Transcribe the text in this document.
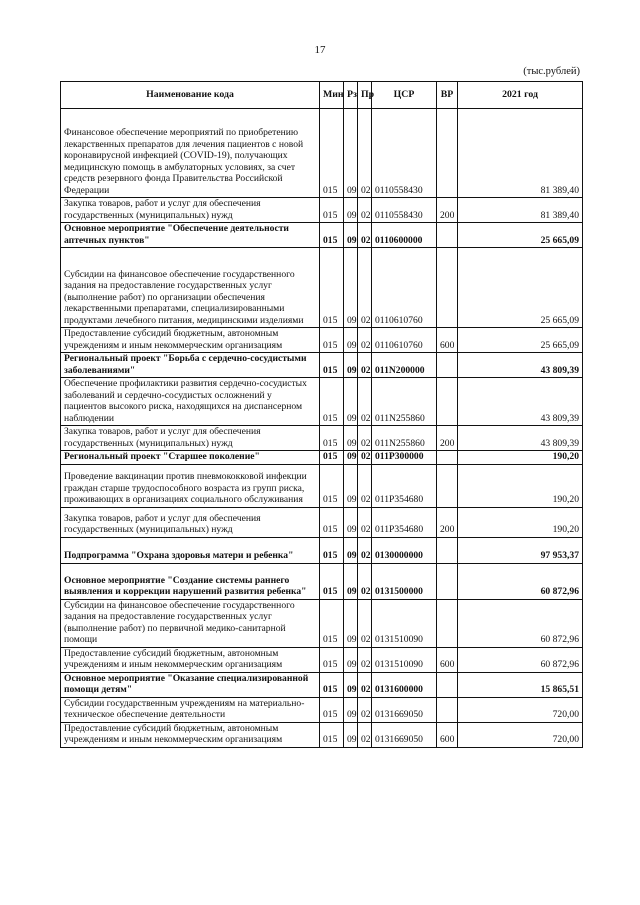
17
(тыс.рублей)
Наименование кода	Мин	Рз	Пр	ЦСР	ВР	2021 год
Финансовое обеспечение мероприятий по приобретению лекарственных препаратов для лечения пациентов с новой коронавирусной инфекцией (COVID-19), получающих медицинскую помощь в амбулаторных условиях, за счет средств резервного фонда Правительства Российской Федерации	015	09	02	0110558430		81 389,40
Закупка товаров, работ и услуг для обеспечения государственных (муниципальных) нужд	015	09	02	0110558430	200	81 389,40
Основное мероприятие "Обеспечение деятельности аптечных пунктов"	015	09	02	0110600000		25 665,09
Субсидии на финансовое обеспечение государственного задания на предоставление государственных услуг (выполнение работ) по организации обеспечения лекарственными препаратами, специализированными продуктами лечебного питания, медицинскими изделиями	015	09	02	0110610760		25 665,09
Предоставление субсидий бюджетным, автономным учреждениям и иным некоммерческим организациям	015	09	02	0110610760	600	25 665,09
Региональный проект "Борьба с сердечно-сосудистыми заболеваниями"	015	09	02	011N200000		43 809,39
Обеспечение профилактики развития сердечно-сосудистых заболеваний и сердечно-сосудистых осложнений у пациентов высокого риска, находящихся на диспансерном наблюдении	015	09	02	011N255860		43 809,39
Закупка товаров, работ и услуг для обеспечения государственных (муниципальных) нужд	015	09	02	011N255860	200	43 809,39
Региональный проект "Старшее поколение"	015	09	02	011P300000		190,20
Проведение вакцинации против пневмококковой инфекции граждан старше трудоспособного возраста из групп риска, проживающих в организациях социального обслуживания	015	09	02	011P354680		190,20
Закупка товаров, работ и услуг для обеспечения государственных (муниципальных) нужд	015	09	02	011P354680	200	190,20
Подпрограмма "Охрана здоровья матери и ребенка"	015	09	02	0130000000		97 953,37
Основное мероприятие "Создание системы раннего выявления и коррекции нарушений развития ребенка"	015	09	02	0131500000		60 872,96
Субсидии на финансовое обеспечение государственного задания на предоставление государственных услуг (выполнение работ) по первичной медико-санитарной помощи	015	09	02	0131510090		60 872,96
Предоставление субсидий бюджетным, автономным учреждениям и иным некоммерческим организациям	015	09	02	0131510090	600	60 872,96
Основное мероприятие "Оказание специализированной помощи детям"	015	09	02	0131600000		15 865,51
Субсидии государственным учреждениям на материально-техническое обеспечение деятельности	015	09	02	0131669050		720,00
Предоставление субсидий бюджетным, автономным учреждениям и иным некоммерческим организациям	015	09	02	0131669050	600	720,00
